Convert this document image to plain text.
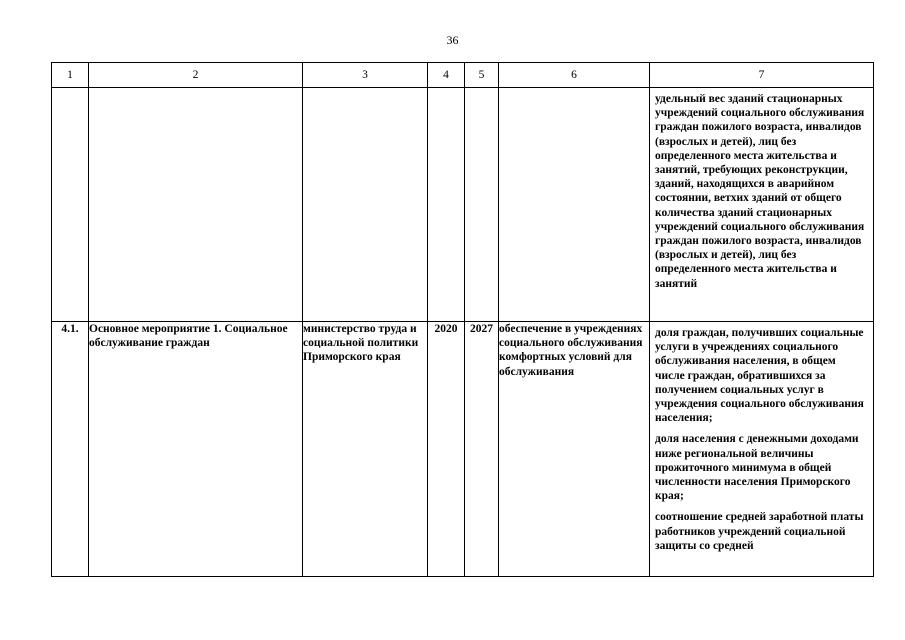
36
1	2	3	4	5	6	7

						удельный вес зданий стационарных учреждений социального обслуживания граждан пожилого возраста, инвалидов (взрослых и детей), лиц без определенного места жительства и занятий, требующих реконструкции, зданий, находящихся в аварийном состоянии, ветхих зданий от общего количества зданий стационарных учреждений социального обслуживания граждан пожилого возраста, инвалидов (взрослых и детей), лиц без определенного места жительства и занятий

4.1.	Основное мероприятие 1. Социальное обслуживание граждан	министерство труда и социальной политики Приморского края	2020	2027	обеспечение в учреждениях социального обслуживания комфортных условий для обслуживания	доля граждан, получивших социальные услуги в учреждениях социального обслуживания населения, в общем числе граждан, обратившихся за получением социальных услуг в учреждения социального обслуживания населения;
доля населения с денежными доходами ниже региональной величины прожиточного минимума в общей численности населения Приморского края;
соотношение средней заработной платы работников учреждений социальной защиты со средней
